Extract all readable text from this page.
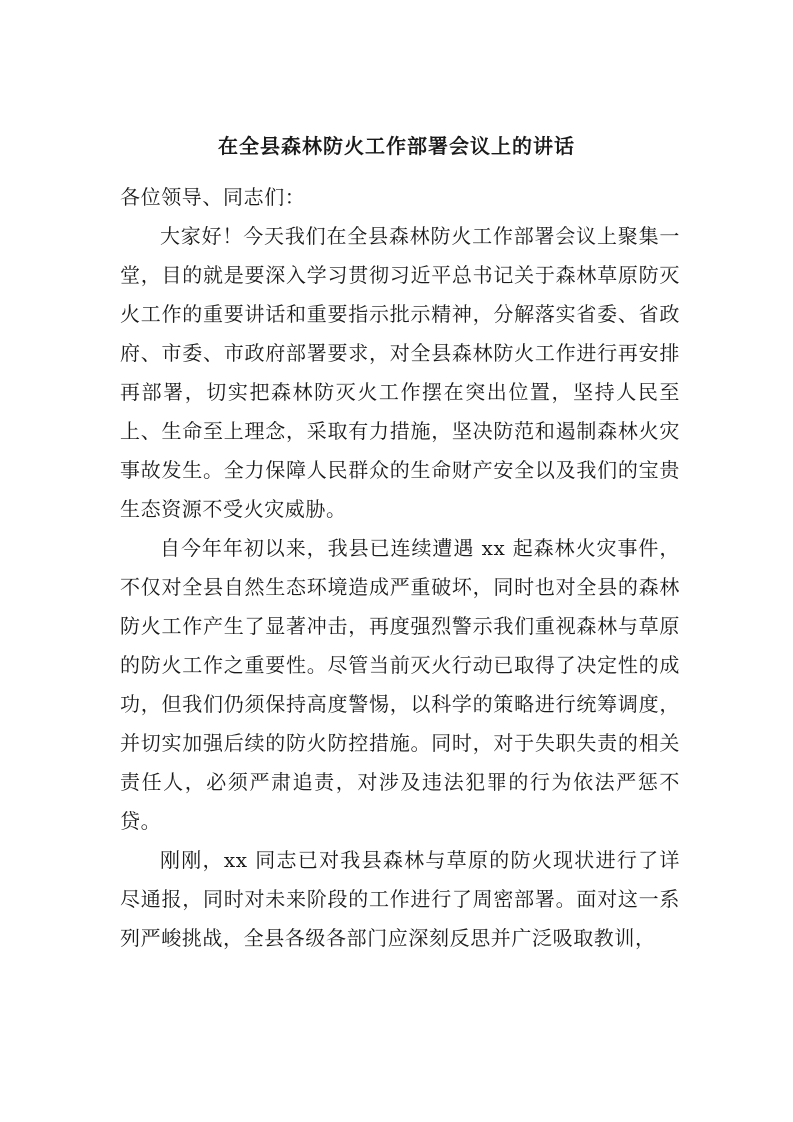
在全县森林防火工作部署会议上的讲话

各位领导、同志们：

大家好！今天我们在全县森林防火工作部署会议上聚集一堂，目的就是要深入学习贯彻习近平总书记关于森林草原防灭火工作的重要讲话和重要指示批示精神，分解落实省委、省政府、市委、市政府部署要求，对全县森林防火工作进行再安排再部署，切实把森林防灭火工作摆在突出位置，坚持人民至上、生命至上理念，采取有力措施，坚决防范和遏制森林火灾事故发生。全力保障人民群众的生命财产安全以及我们的宝贵生态资源不受火灾威胁。

自今年年初以来，我县已连续遭遇 xx 起森林火灾事件，不仅对全县自然生态环境造成严重破坏，同时也对全县的森林防火工作产生了显著冲击，再度强烈警示我们重视森林与草原的防火工作之重要性。尽管当前灭火行动已取得了决定性的成功，但我们仍须保持高度警惕，以科学的策略进行统筹调度，并切实加强后续的防火防控措施。同时，对于失职失责的相关责任人，必须严肃追责，对涉及违法犯罪的行为依法严惩不贷。

刚刚，xx 同志已对我县森林与草原的防火现状进行了详尽通报，同时对未来阶段的工作进行了周密部署。面对这一系列严峻挑战，全县各级各部门应深刻反思并广泛吸取教训，
